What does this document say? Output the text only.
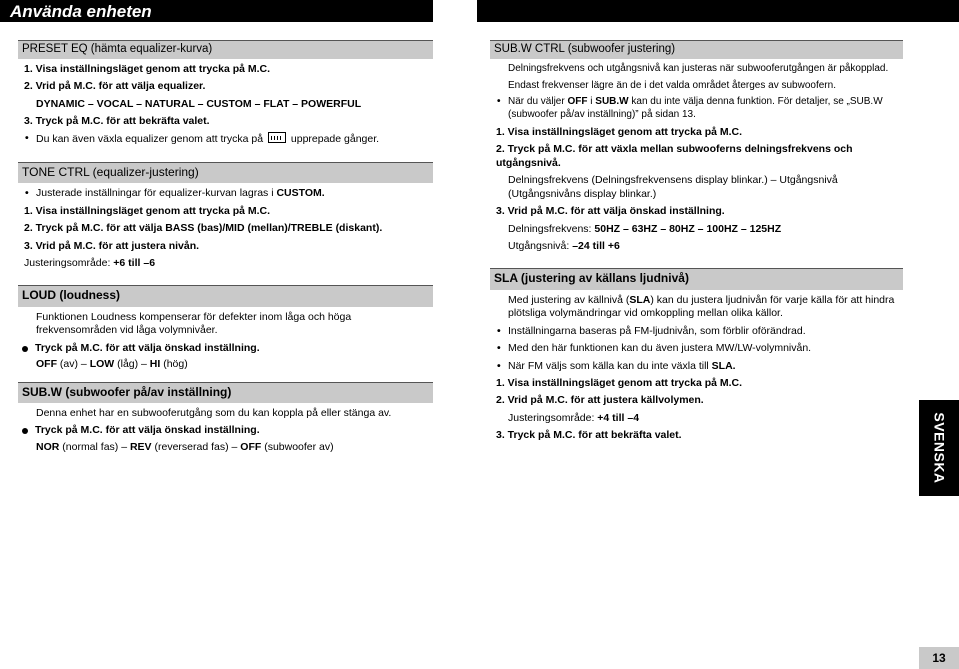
Använda enheten
PRESET EQ (hämta equalizer-kurva)
1. Visa inställningsläget genom att trycka på M.C.
2. Vrid på M.C. för att välja equalizer.
DYNAMIC – VOCAL – NATURAL – CUSTOM – FLAT – POWERFUL
3. Tryck på M.C. för att bekräfta valet.
• Du kan även växla equalizer genom att trycka på	upprepade gånger.
TONE CTRL (equalizer-justering)
• Justerade inställningar för equalizer-kurvan lagras i CUSTOM.
1. Visa inställningsläget genom att trycka på M.C.
2. Tryck på M.C. för att välja BASS (bas)/MID (mellan)/TREBLE (diskant).
3. Vrid på M.C. för att justera nivån.
Justeringsområde: +6 till –6
LOUD (loudness)
Funktionen Loudness kompenserar för defekter inom låga och höga frekvensområden vid låga volymnivåer.
Tryck på M.C. för att välja önskad inställning.
OFF (av) – LOW (låg) – HI (hög)
SUB.W (subwoofer på/av inställning)
Denna enhet har en subwooferutgång som du kan koppla på eller stänga av.
Tryck på M.C. för att välja önskad inställning.
NOR (normal fas) – REV (reverserad fas) – OFF (subwoofer av)
SUB.W CTRL (subwoofer justering)
Delningsfrekvens och utgångsnivå kan justeras när subwooferutgången är påkopplad.
Endast frekvenser lägre än de i det valda området återges av subwoofern.
• När du väljer OFF i SUB.W kan du inte välja denna funktion. För detaljer, se „SUB.W (subwoofer på/av inställning)” på sidan 13.
1. Visa inställningsläget genom att trycka på M.C.
2. Tryck på M.C. för att växla mellan subwooferns delningsfrekvens och utgångsnivå.
Delningsfrekvens (Delningsfrekvensens display blinkar.) – Utgångsnivå (Utgångsnivåns display blinkar.)
3. Vrid på M.C. för att välja önskad inställning.
Delningsfrekvens: 50HZ – 63HZ – 80HZ – 100HZ – 125HZ
Utgångsnivå: –24 till +6
SLA (justering av källans ljudnivå)
Med justering av källnivå (SLA) kan du justera ljudnivån för varje källa för att hindra plötsliga volymändringar vid omkoppling mellan olika källor.
• Inställningarna baseras på FM-ljudnivån, som förblir oförändrad.
• Med den här funktionen kan du även justera MW/LW-volymnivån.
• När FM väljs som källa kan du inte växla till SLA.
1. Visa inställningsläget genom att trycka på M.C.
2. Vrid på M.C. för att justera källvolymen.
Justeringsområde: +4 till –4
3. Tryck på M.C. för att bekräfta valet.	SVENSKA
13
